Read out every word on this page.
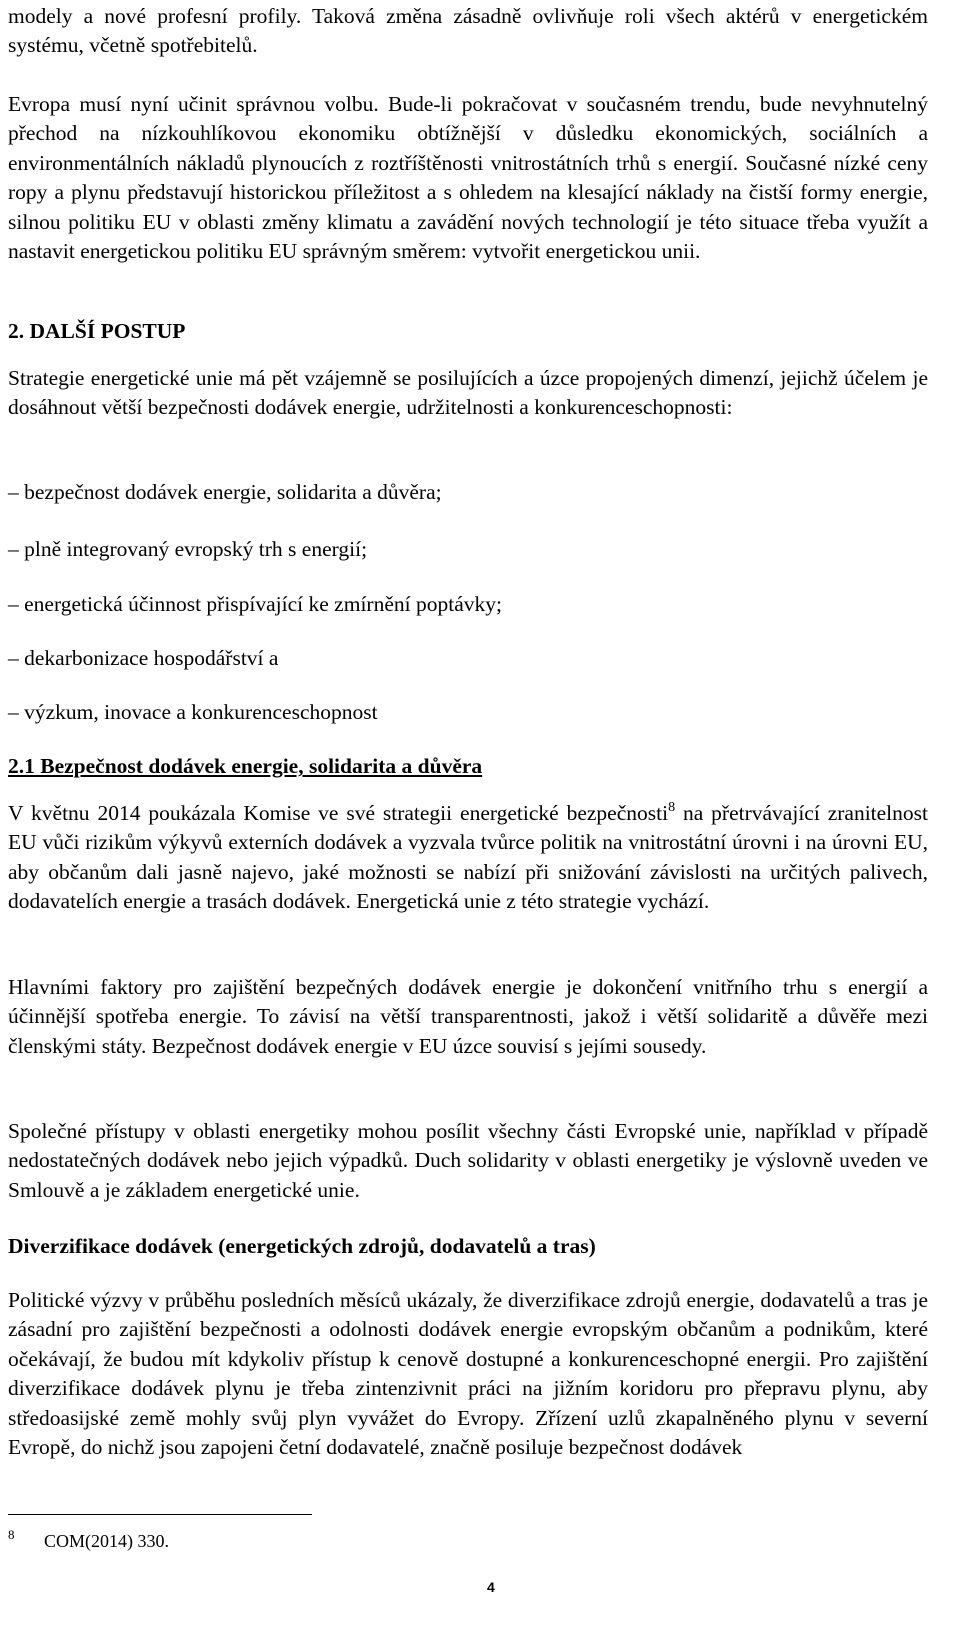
modely a nové profesní profily. Taková změna zásadně ovlivňuje roli všech aktérů v energetickém systému, včetně spotřebitelů.

Evropa musí nyní učinit správnou volbu. Bude-li pokračovat v současném trendu, bude nevyhnutelný přechod na nízkouhlíkovou ekonomiku obtížnější v důsledku ekonomických, sociálních a environmentálních nákladů plynoucích z roztříštěnosti vnitrostátních trhů s energií. Současné nízké ceny ropy a plynu představují historickou příležitost a s ohledem na klesající náklady na čistší formy energie, silnou politiku EU v oblasti změny klimatu a zavádění nových technologií je této situace třeba využít a nastavit energetickou politiku EU správným směrem: vytvořit energetickou unii.

2. DALŠÍ POSTUP

Strategie energetické unie má pět vzájemně se posilujících a úzce propojených dimenzí, jejichž účelem je dosáhnout větší bezpečnosti dodávek energie, udržitelnosti a konkurenceschopnosti:

– bezpečnost dodávek energie, solidarita a důvěra;
– plně integrovaný evropský trh s energií;
– energetická účinnost přispívající ke zmírnění poptávky;
– dekarbonizace hospodářství a
– výzkum, inovace a konkurenceschopnost

2.1 Bezpečnost dodávek energie, solidarita a důvěra

V květnu 2014 poukázala Komise ve své strategii energetické bezpečnosti$^8$ na přetrvávající zranitelnost EU vůči rizikům výkyvů externích dodávek a vyzvala tvůrce politik na vnitrostátní úrovni i na úrovni EU, aby občanům dali jasně najevo, jaké možnosti se nabízí při snižování závislosti na určitých palivech, dodavatelích energie a trasách dodávek. Energetická unie z této strategie vychází.

Hlavními faktory pro zajištění bezpečných dodávek energie je dokončení vnitřního trhu s energií a účinnější spotřeba energie. To závisí na větší transparentnosti, jakož i větší solidaritě a důvěře mezi členskými státy. Bezpečnost dodávek energie v EU úzce souvisí s jejími sousedy.

Společné přístupy v oblasti energetiky mohou posílit všechny části Evropské unie, například v případě nedostatečných dodávek nebo jejich výpadků. Duch solidarity v oblasti energetiky je výslovně uveden ve Smlouvě a je základem energetické unie.

Diverzifikace dodávek (energetických zdrojů, dodavatelů a tras)

Politické výzvy v průběhu posledních měsíců ukázaly, že diverzifikace zdrojů energie, dodavatelů a tras je zásadní pro zajištění bezpečnosti a odolnosti dodávek energie evropským občanům a podnikům, které očekávají, že budou mít kdykoliv přístup k cenově dostupné a konkurenceschopné energii. Pro zajištění diverzifikace dodávek plynu je třeba zintenzivnit práci na jižním koridoru pro přepravu plynu, aby středoasijské země mohly svůj plyn vyvážet do Evropy. Zřízení uzlů zkapalněného plynu v severní Evropě, do nichž jsou zapojeni četní dodavatelé, značně posiluje bezpečnost dodávek

8 COM(2014) 330.
4
